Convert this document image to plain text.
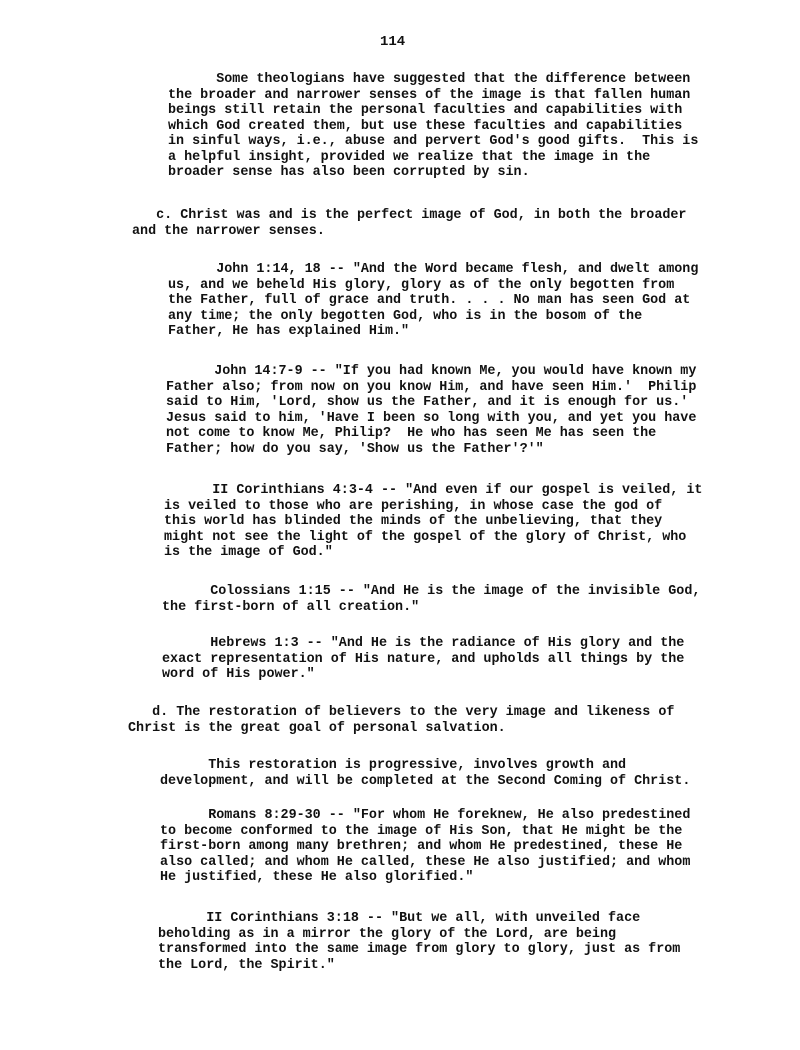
114
Some theologians have suggested that the difference between
the broader and narrower senses of the image is that fallen human
beings still retain the personal faculties and capabilities with
which God created them, but use these faculties and capabilities
in sinful ways, i.e., abuse and pervert God's good gifts.  This is
a helpful insight, provided we realize that the image in the
broader sense has also been corrupted by sin.
c. Christ was and is the perfect image of God, in both the broader
and the narrower senses.
John 1:14, 18 -- "And the Word became flesh, and dwelt among
us, and we beheld His glory, glory as of the only begotten from
the Father, full of grace and truth. . . . No man has seen God at
any time; the only begotten God, who is in the bosom of the
Father, He has explained Him."
John 14:7-9 -- "If you had known Me, you would have known my
Father also; from now on you know Him, and have seen Him.'  Philip
said to Him, 'Lord, show us the Father, and it is enough for us.'
Jesus said to him, 'Have I been so long with you, and yet you have
not come to know Me, Philip?  He who has seen Me has seen the
Father; how do you say, 'Show us the Father'?'"
II Corinthians 4:3-4 -- "And even if our gospel is veiled, it
is veiled to those who are perishing, in whose case the god of
this world has blinded the minds of the unbelieving, that they
might not see the light of the gospel of the glory of Christ, who
is the image of God."
Colossians 1:15 -- "And He is the image of the invisible God,
the first-born of all creation."
Hebrews 1:3 -- "And He is the radiance of His glory and the
exact representation of His nature, and upholds all things by the
word of His power."
d. The restoration of believers to the very image and likeness of
Christ is the great goal of personal salvation.
This restoration is progressive, involves growth and
development, and will be completed at the Second Coming of Christ.
Romans 8:29-30 -- "For whom He foreknew, He also predestined
to become conformed to the image of His Son, that He might be the
first-born among many brethren; and whom He predestined, these He
also called; and whom He called, these He also justified; and whom
He justified, these He also glorified."
II Corinthians 3:18 -- "But we all, with unveiled face
beholding as in a mirror the glory of the Lord, are being
transformed into the same image from glory to glory, just as from
the Lord, the Spirit."
